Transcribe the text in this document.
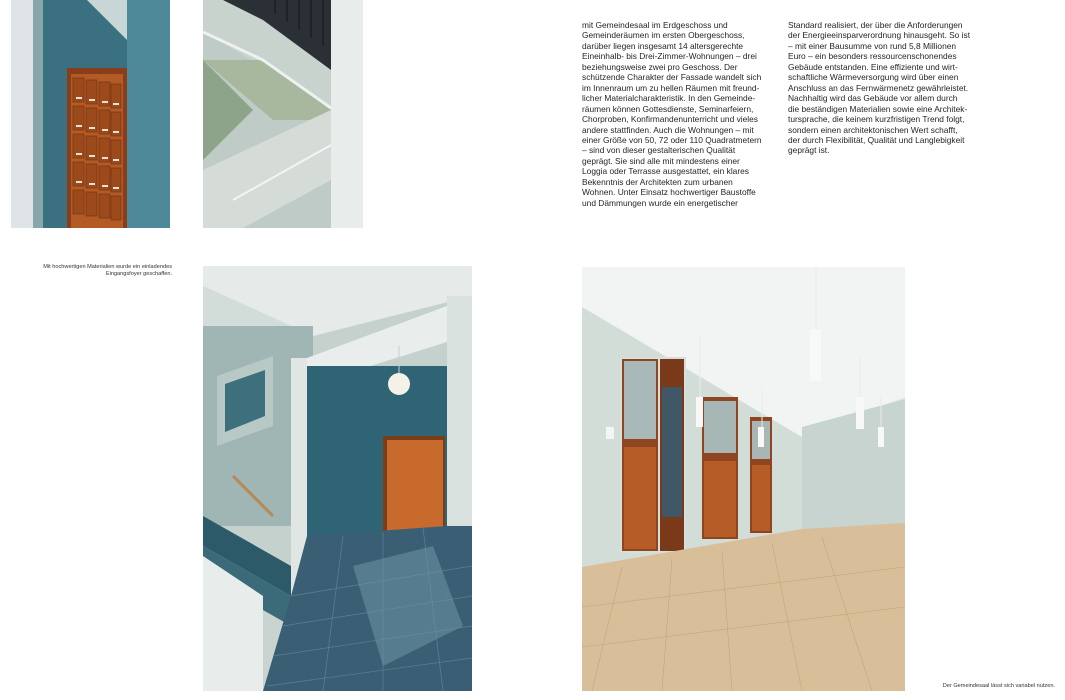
mit Gemeindesaal im Erdgeschoss und
Gemeinderäumen im ersten Obergeschoss,
darüber liegen insgesamt 14 altersgerechte
Eineinhalb- bis Drei-Zimmer-Wohnungen – drei
beziehungsweise zwei pro Geschoss. Der
schützende Charakter der Fassade wandelt sich
im Innenraum um zu hellen Räumen mit freund-
licher Materialcharakteristik. In den Gemeinde-
räumen können Gottesdienste, Seminarfeiern,
Chorproben, Konfirmandenunterricht und vieles
andere stattfinden. Auch die Wohnungen – mit
einer Größe von 50, 72 oder 110 Quadratmetern
– sind von dieser gestalterischen Qualität
geprägt. Sie sind alle mit mindestens einer
Loggia oder Terrasse ausgestattet, ein klares
Bekenntnis der Architekten zum urbanen
Wohnen. Unter Einsatz hochwertiger Baustoffe
und Dämmungen wurde ein energetischer

Standard realisiert, der über die Anforderungen
der Energieeinsparverordnung hinausgeht. So ist
– mit einer Bausumme von rund 5,8 Millionen
Euro – ein besonders ressourcenschonendes
Gebäude entstanden. Eine effiziente und wirt-
schaftliche Wärmeversorgung wird über einen
Anschluss an das Fernwärmenetz gewährleistet.
Nachhaltig wird das Gebäude vor allem durch
die beständigen Materialien sowie eine Architek-
tursprache, die keinem kurzfristigen Trend folgt,
sondern einen architektonischen Wert schafft,
der durch Flexibilität, Qualität und Langlebigkeit
geprägt ist.

Mit hochwertigen Materialien wurde ein einladendes
Eingangsfoyer geschaffen.

Der Gemeindesaal lässt sich variabel nutzen.
